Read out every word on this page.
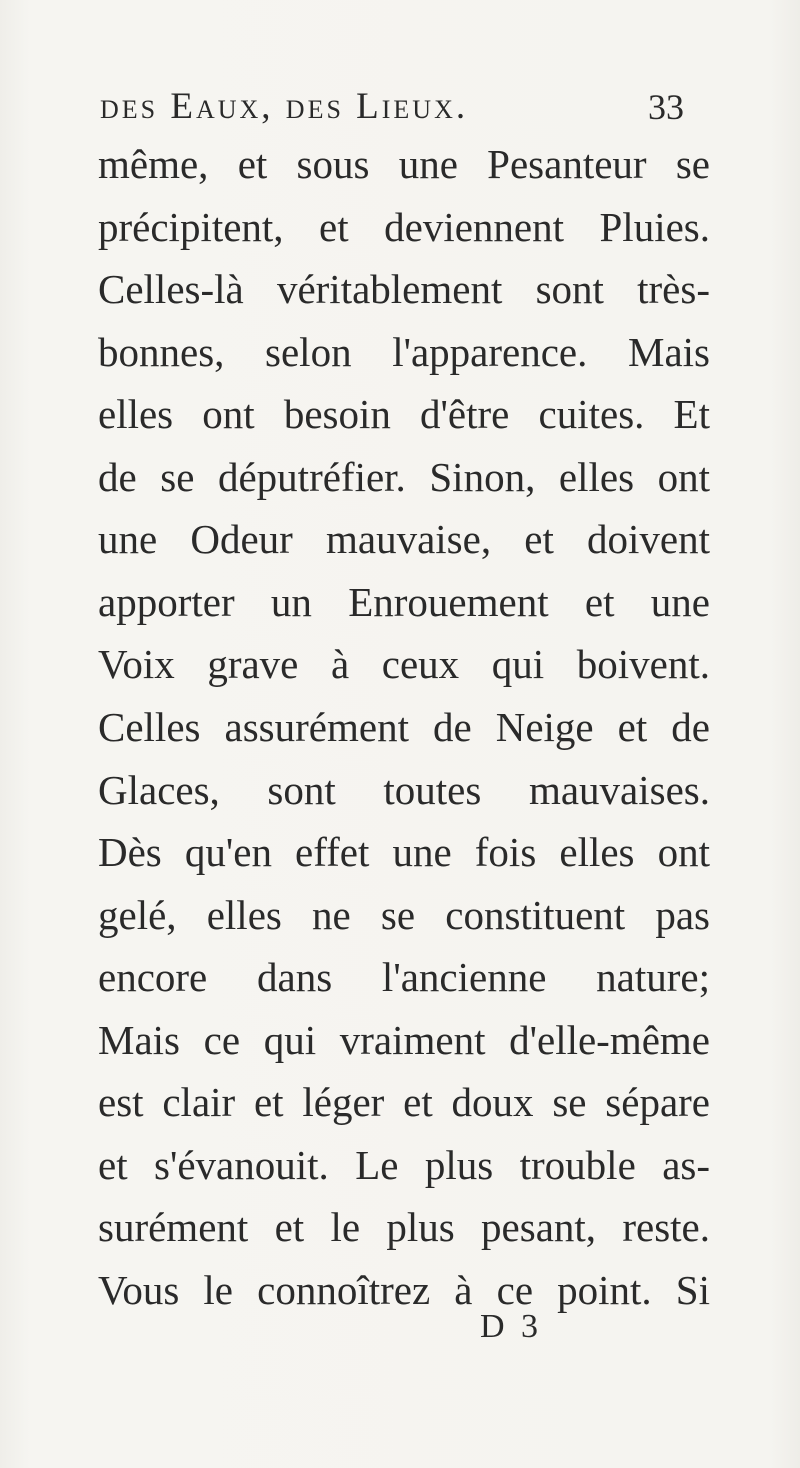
des Eaux, des Lieux.	33
même, et sous une Pesanteur se
précipitent, et deviennent Pluies.
Celles-là véritablement sont très-
bonnes, selon l'apparence. Mais
elles ont besoin d'être cuites. Et
de se députréfier. Sinon, elles ont
une Odeur mauvaise, et doivent
apporter un Enrouement et une
Voix grave à ceux qui boivent.
Celles assurément de Neige et de
Glaces, sont toutes mauvaises.
Dès qu'en effet une fois elles ont
gelé, elles ne se constituent pas
encore dans l'ancienne nature;
Mais ce qui vraiment d'elle-même
est clair et léger et doux se sépare
et s'évanouit. Le plus trouble as-
surément et le plus pesant, reste.
Vous le connoîtrez à ce point. Si
D 3
